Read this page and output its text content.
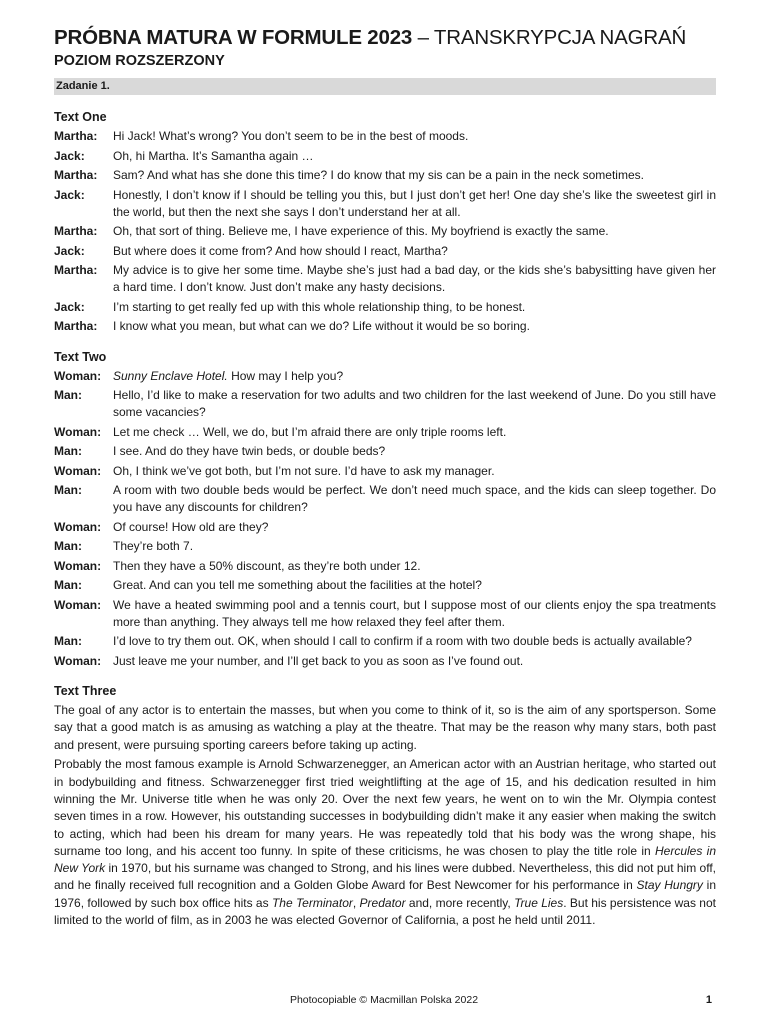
PRÓBNA MATURA W FORMULE 2023 – TRANSKRYPCJA NAGRAŃ
POZIOM ROZSZERZONY
Zadanie 1.
Text One
Martha:	Hi Jack! What’s wrong? You don’t seem to be in the best of moods.
Jack:	Oh, hi Martha. It’s Samantha again …
Martha:	Sam? And what has she done this time? I do know that my sis can be a pain in the neck sometimes.
Jack:	Honestly, I don’t know if I should be telling you this, but I just don’t get her! One day she’s like the sweetest girl in the world, but then the next she says I don’t understand her at all.
Martha:	Oh, that sort of thing. Believe me, I have experience of this. My boyfriend is exactly the same.
Jack:	But where does it come from? And how should I react, Martha?
Martha:	My advice is to give her some time. Maybe she’s just had a bad day, or the kids she’s babysitting have given her a hard time. I don’t know. Just don’t make any hasty decisions.
Jack:	I’m starting to get really fed up with this whole relationship thing, to be honest.
Martha:	I know what you mean, but what can we do? Life without it would be so boring.
Text Two
Woman: Sunny Enclave Hotel. How may I help you?
Man:	Hello, I’d like to make a reservation for two adults and two children for the last weekend of June. Do you still have some vacancies?
Woman: Let me check … Well, we do, but I’m afraid there are only triple rooms left.
Man:	I see. And do they have twin beds, or double beds?
Woman: Oh, I think we’ve got both, but I’m not sure. I’d have to ask my manager.
Man:	A room with two double beds would be perfect. We don’t need much space, and the kids can sleep together. Do you have any discounts for children?
Woman: Of course! How old are they?
Man:	They’re both 7.
Woman: Then they have a 50% discount, as they’re both under 12.
Man:	Great. And can you tell me something about the facilities at the hotel?
Woman: We have a heated swimming pool and a tennis court, but I suppose most of our clients enjoy the spa treatments more than anything. They always tell me how relaxed they feel after them.
Man:	I’d love to try them out. OK, when should I call to confirm if a room with two double beds is actually available?
Woman: Just leave me your number, and I’ll get back to you as soon as I’ve found out.
Text Three
The goal of any actor is to entertain the masses, but when you come to think of it, so is the aim of any sportsperson. Some say that a good match is as amusing as watching a play at the theatre. That may be the reason why many stars, both past and present, were pursuing sporting careers before taking up acting.
Probably the most famous example is Arnold Schwarzenegger, an American actor with an Austrian heritage, who started out in bodybuilding and fitness. Schwarzenegger first tried weightlifting at the age of 15, and his dedication resulted in him winning the Mr. Universe title when he was only 20. Over the next few years, he went on to win the Mr. Olympia contest seven times in a row. However, his outstanding successes in bodybuilding didn’t make it any easier when making the switch to acting, which had been his dream for many years. He was repeatedly told that his body was the wrong shape, his surname too long, and his accent too funny. In spite of these criticisms, he was chosen to play the title role in Hercules in New York in 1970, but his surname was changed to Strong, and his lines were dubbed. Nevertheless, this did not put him off, and he finally received full recognition and a Golden Globe Award for Best Newcomer for his performance in Stay Hungry in 1976, followed by such box office hits as The Terminator, Predator and, more recently, True Lies. But his persistence was not limited to the world of film, as in 2003 he was elected Governor of California, a post he held until 2011.
Photocopiable © Macmillan Polska 2022	1
